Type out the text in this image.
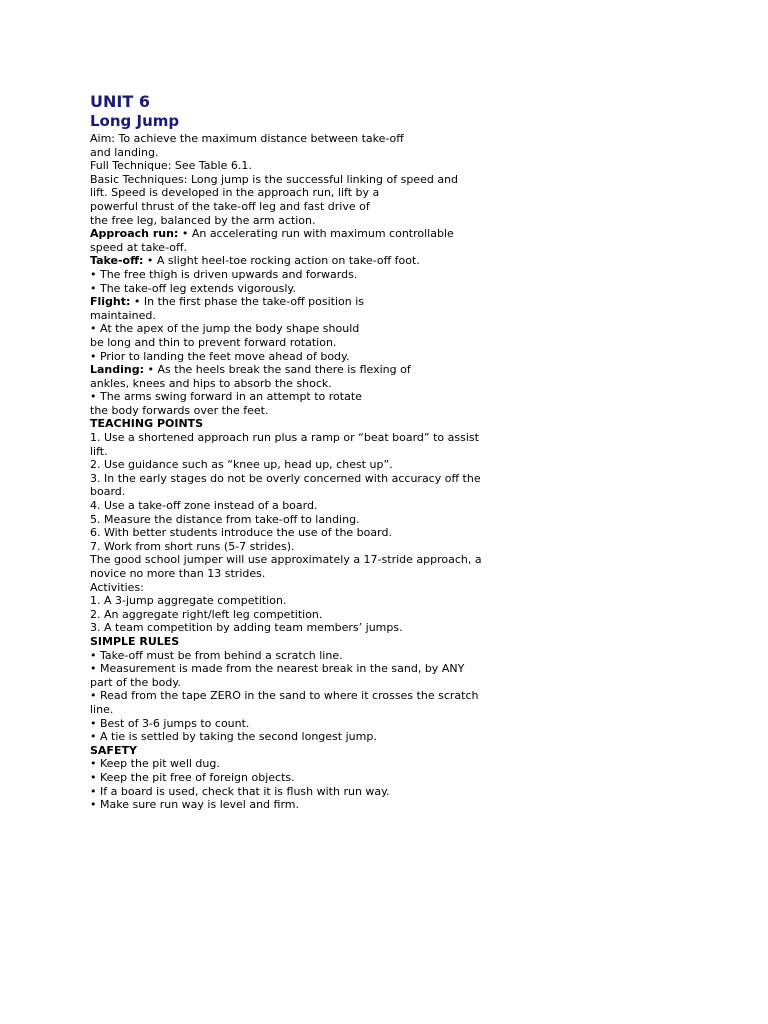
UNIT 6
Long Jump
Aim: To achieve the maximum distance between take-off
and landing.
Full Technique: See Table 6.1.
Basic Techniques: Long jump is the successful linking of speed and
lift. Speed is developed in the approach run, lift by a
powerful thrust of the take-off leg and fast drive of
the free leg, balanced by the arm action.
Approach run: • An accelerating run with maximum controllable
speed at take-off.
Take-off: • A slight heel-toe rocking action on take-off foot.
• The free thigh is driven upwards and forwards.
• The take-off leg extends vigorously.
Flight: • In the first phase the take-off position is
maintained.
• At the apex of the jump the body shape should
be long and thin to prevent forward rotation.
• Prior to landing the feet move ahead of body.
Landing: • As the heels break the sand there is flexing of
ankles, knees and hips to absorb the shock.
• The arms swing forward in an attempt to rotate
the body forwards over the feet.
TEACHING POINTS
1. Use a shortened approach run plus a ramp or “beat board” to assist
lift.
2. Use guidance such as “knee up, head up, chest up”.
3. In the early stages do not be overly concerned with accuracy off the
board.
4. Use a take-off zone instead of a board.
5. Measure the distance from take-off to landing.
6. With better students introduce the use of the board.
7. Work from short runs (5-7 strides).
The good school jumper will use approximately a 17-stride approach, a
novice no more than 13 strides.
Activities:
1. A 3-jump aggregate competition.
2. An aggregate right/left leg competition.
3. A team competition by adding team members’ jumps.
SIMPLE RULES
• Take-off must be from behind a scratch line.
• Measurement is made from the nearest break in the sand, by ANY
part of the body.
• Read from the tape ZERO in the sand to where it crosses the scratch
line.
• Best of 3-6 jumps to count.
• A tie is settled by taking the second longest jump.
SAFETY
• Keep the pit well dug.
• Keep the pit free of foreign objects.
• If a board is used, check that it is flush with run way.
• Make sure run way is level and firm.
